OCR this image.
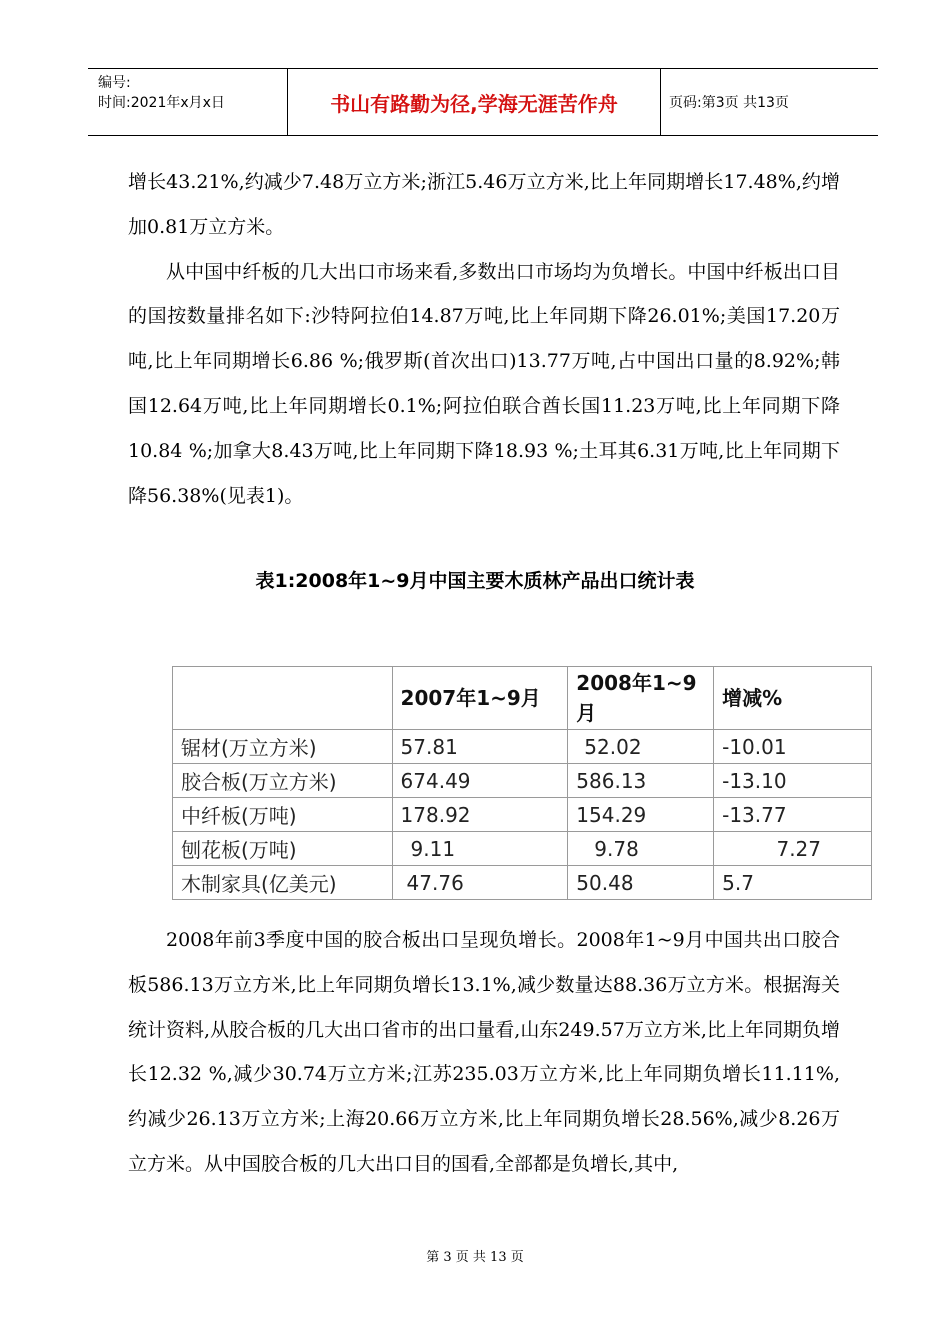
编号:
时间:2021年x月x日	书山有路勤为径,学海无涯苦作舟	页码:第3页 共13页

增长43.21%,约减少7.48万立方米;浙江5.46万立方米,比上年同期增长17.48%,约增加0.81万立方米。

从中国中纤板的几大出口市场来看,多数出口市场均为负增长。中国中纤板出口目的国按数量排名如下:沙特阿拉伯14.87万吨,比上年同期下降26.01%;美国17.20万吨,比上年同期增长6.86 %;俄罗斯(首次出口)13.77万吨,占中国出口量的8.92%;韩国12.64万吨,比上年同期增长0.1%;阿拉伯联合酋长国11.23万吨,比上年同期下降10.84 %;加拿大8.43万吨,比上年同期下降18.93 %;土耳其6.31万吨,比上年同期下降56.38%(见表1)。

表1:2008年1~9月中国主要木质林产品出口统计表
	2007年1~9月	2008年1~9月	增减%
锯材(万立方米)	57.81	52.02	-10.01
胶合板(万立方米)	674.49	586.13	-13.10
中纤板(万吨)	178.92	154.29	-13.77
刨花板(万吨)	9.11	9.78	7.27
木制家具(亿美元)	47.76	50.48	5.7

2008年前3季度中国的胶合板出口呈现负增长。2008年1~9月中国共出口胶合板586.13万立方米,比上年同期负增长13.1%,减少数量达88.36万立方米。根据海关统计资料,从胶合板的几大出口省市的出口量看,山东249.57万立方米,比上年同期负增长12.32 %,减少30.74万立方米;江苏235.03万立方米,比上年同期负增长11.11%,约减少26.13万立方米;上海20.66万立方米,比上年同期负增长28.56%,减少8.26万立方米。从中国胶合板的几大出口目的国看,全部都是负增长,其中,

第 3 页 共 13 页
